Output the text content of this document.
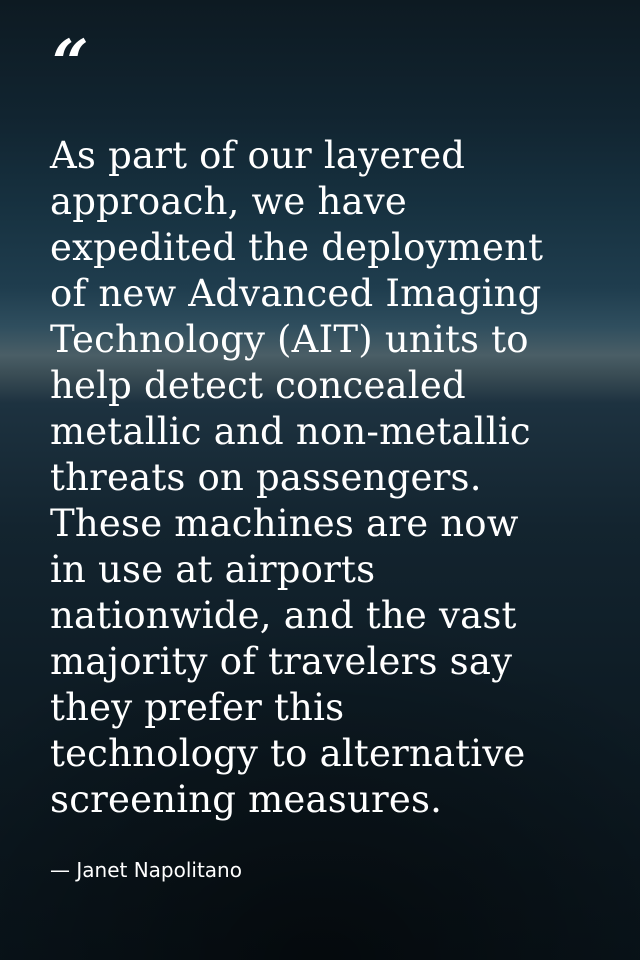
“

As part of our layered
approach, we have
expedited the deployment
of new Advanced Imaging
Technology (AIT) units to
help detect concealed
metallic and non-metallic
threats on passengers.
These machines are now
in use at airports
nationwide, and the vast
majority of travelers say
they prefer this
technology to alternative
screening measures.

— Janet Napolitano
